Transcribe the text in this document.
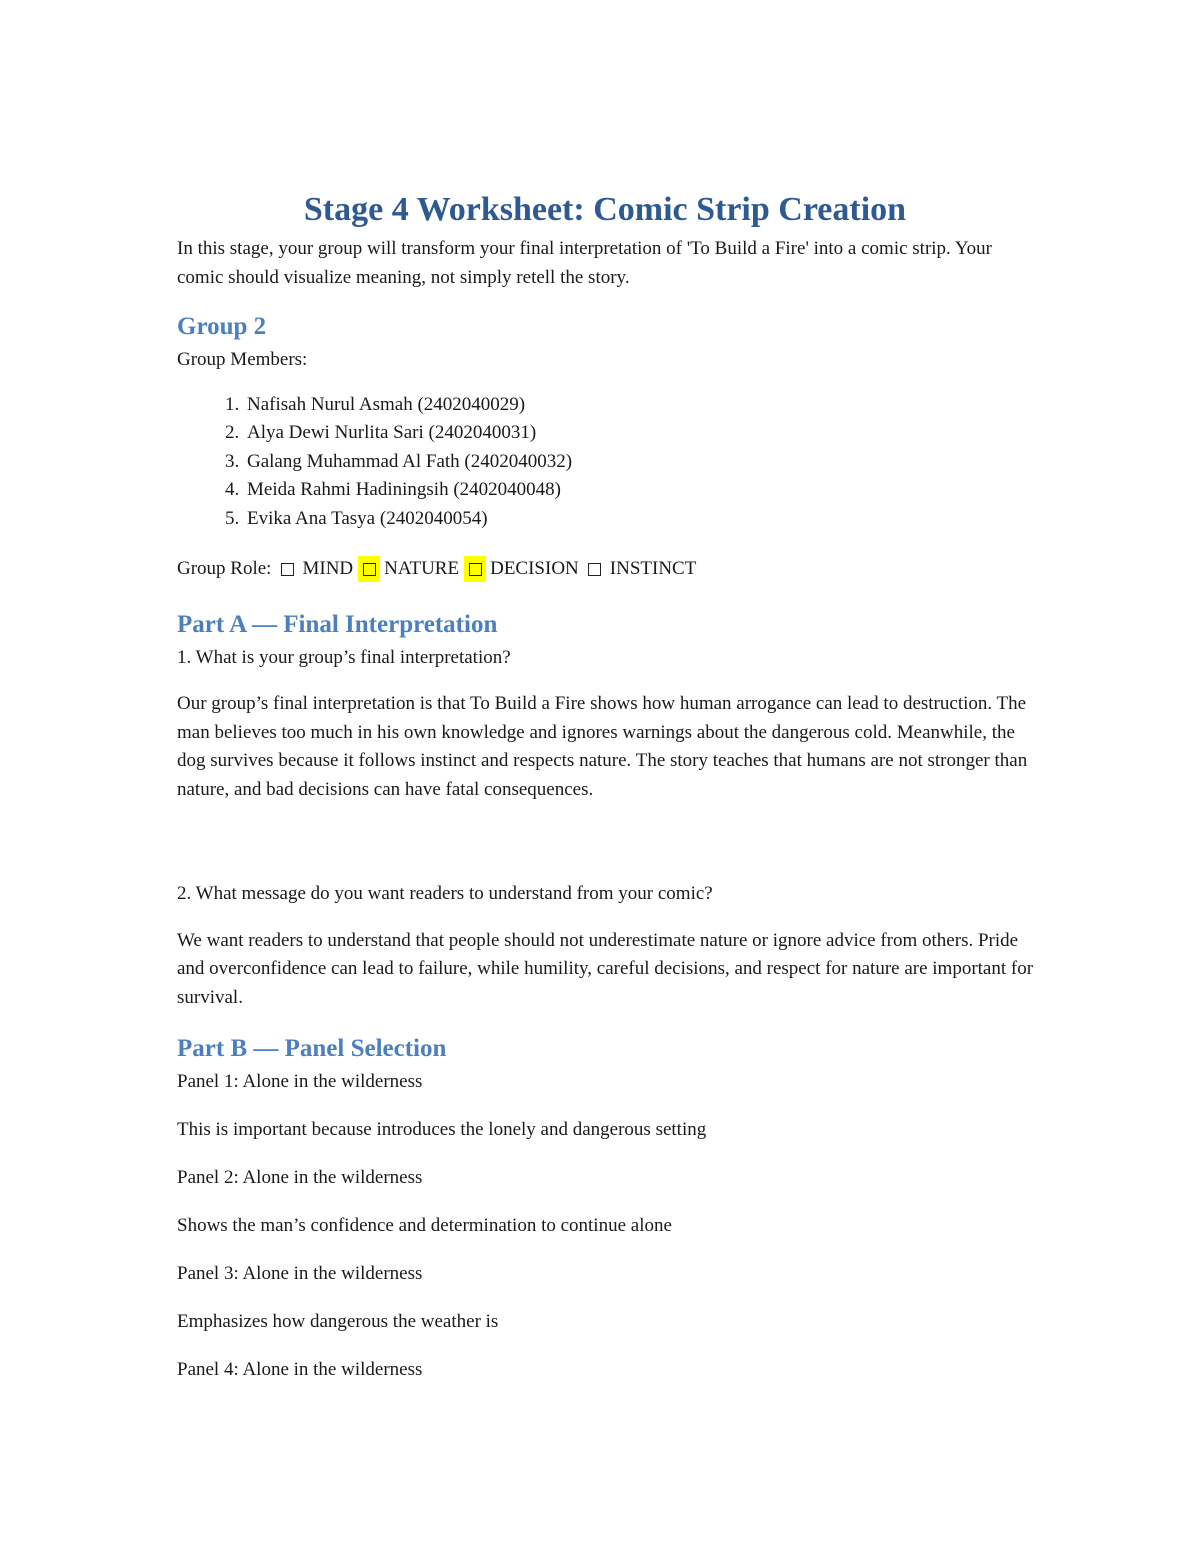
Stage 4 Worksheet: Comic Strip Creation

In this stage, your group will transform your final interpretation of 'To Build a Fire' into a comic strip. Your comic should visualize meaning, not simply retell the story.

Group 2

Group Members:

1. Nafisah Nurul Asmah (2402040029)
2. Alya Dewi Nurlita Sari (2402040031)
3. Galang Muhammad Al Fath (2402040032)
4. Meida Rahmi Hadiningsih (2402040048)
5. Evika Ana Tasya (2402040054)
Group Role: MIND NATURE DECISION INSTINCT
Part A — Final Interpretation

1. What is your group’s final interpretation?

Our group’s final interpretation is that To Build a Fire shows how human arrogance can lead to destruction. The man believes too much in his own knowledge and ignores warnings about the dangerous cold. Meanwhile, the dog survives because it follows instinct and respects nature. The story teaches that humans are not stronger than nature, and bad decisions can have fatal consequences.

2. What message do you want readers to understand from your comic?

We want readers to understand that people should not underestimate nature or ignore advice from others. Pride and overconfidence can lead to failure, while humility, careful decisions, and respect for nature are important for survival.

Part B — Panel Selection

Panel 1: Alone in the wilderness

This is important because introduces the lonely and dangerous setting

Panel 2: Alone in the wilderness

Shows the man’s confidence and determination to continue alone

Panel 3: Alone in the wilderness

Emphasizes how dangerous the weather is

Panel 4: Alone in the wilderness
